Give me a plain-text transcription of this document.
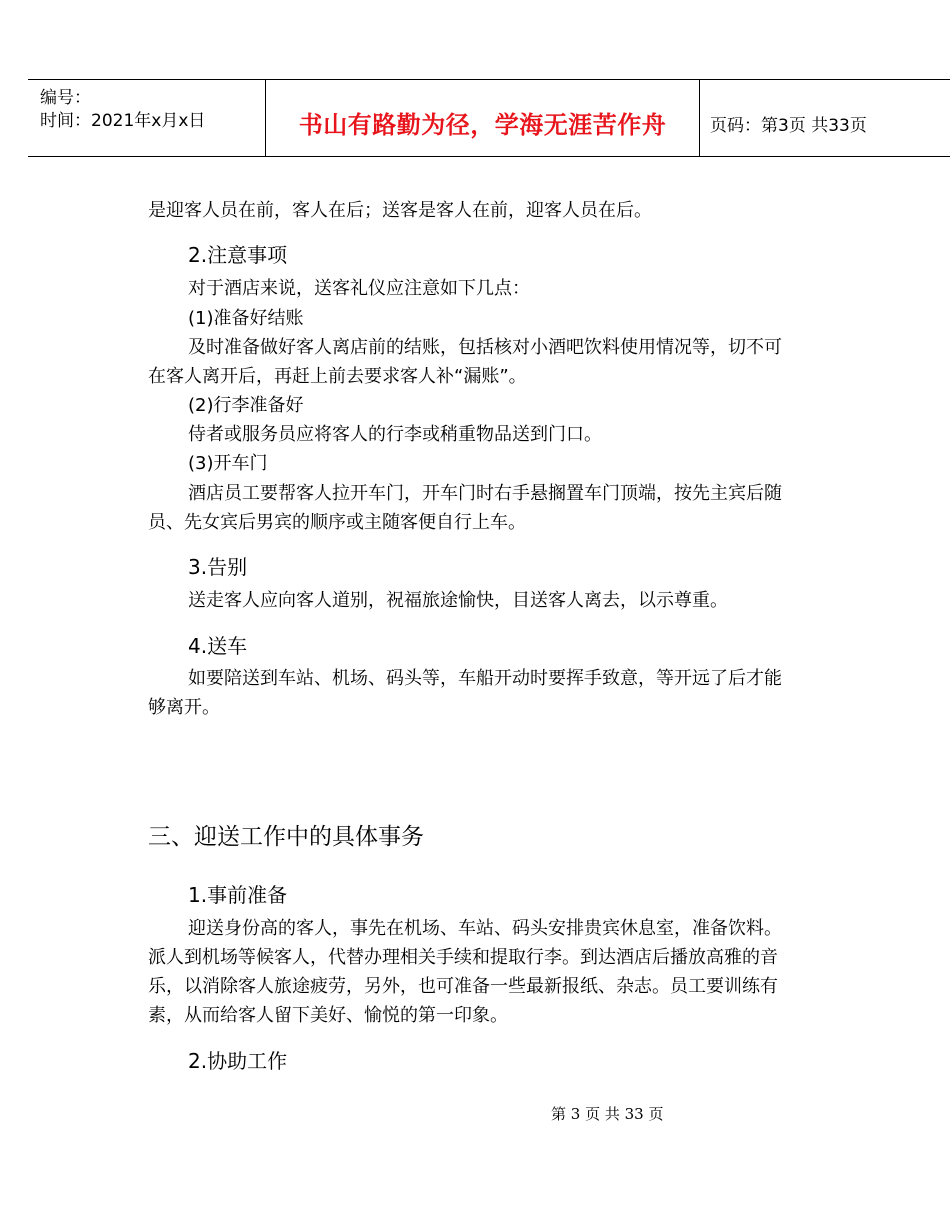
编号：
时间：2021年x月x日	书山有路勤为径，学海无涯苦作舟	页码：第3页 共33页
是迎客人员在前，客人在后；送客是客人在前，迎客人员在后。
2.注意事项
对于酒店来说，送客礼仪应注意如下几点：
(1)准备好结账
及时准备做好客人离店前的结账，包括核对小酒吧饮料使用情况等，切不可
在客人离开后，再赶上前去要求客人补“漏账”。
(2)行李准备好
侍者或服务员应将客人的行李或稍重物品送到门口。
(3)开车门
酒店员工要帮客人拉开车门，开车门时右手悬搁置车门顶端，按先主宾后随
员、先女宾后男宾的顺序或主随客便自行上车。
3.告别
送走客人应向客人道别，祝福旅途愉快，目送客人离去，以示尊重。
4.送车
如要陪送到车站、机场、码头等，车船开动时要挥手致意，等开远了后才能
够离开。
三、迎送工作中的具体事务
1.事前准备
迎送身份高的客人，事先在机场、车站、码头安排贵宾休息室，准备饮料。
派人到机场等候客人，代替办理相关手续和提取行李。到达酒店后播放高雅的音
乐，以消除客人旅途疲劳，另外，也可准备一些最新报纸、杂志。员工要训练有
素，从而给客人留下美好、愉悦的第一印象。
2.协助工作
第 3 页 共 33 页
